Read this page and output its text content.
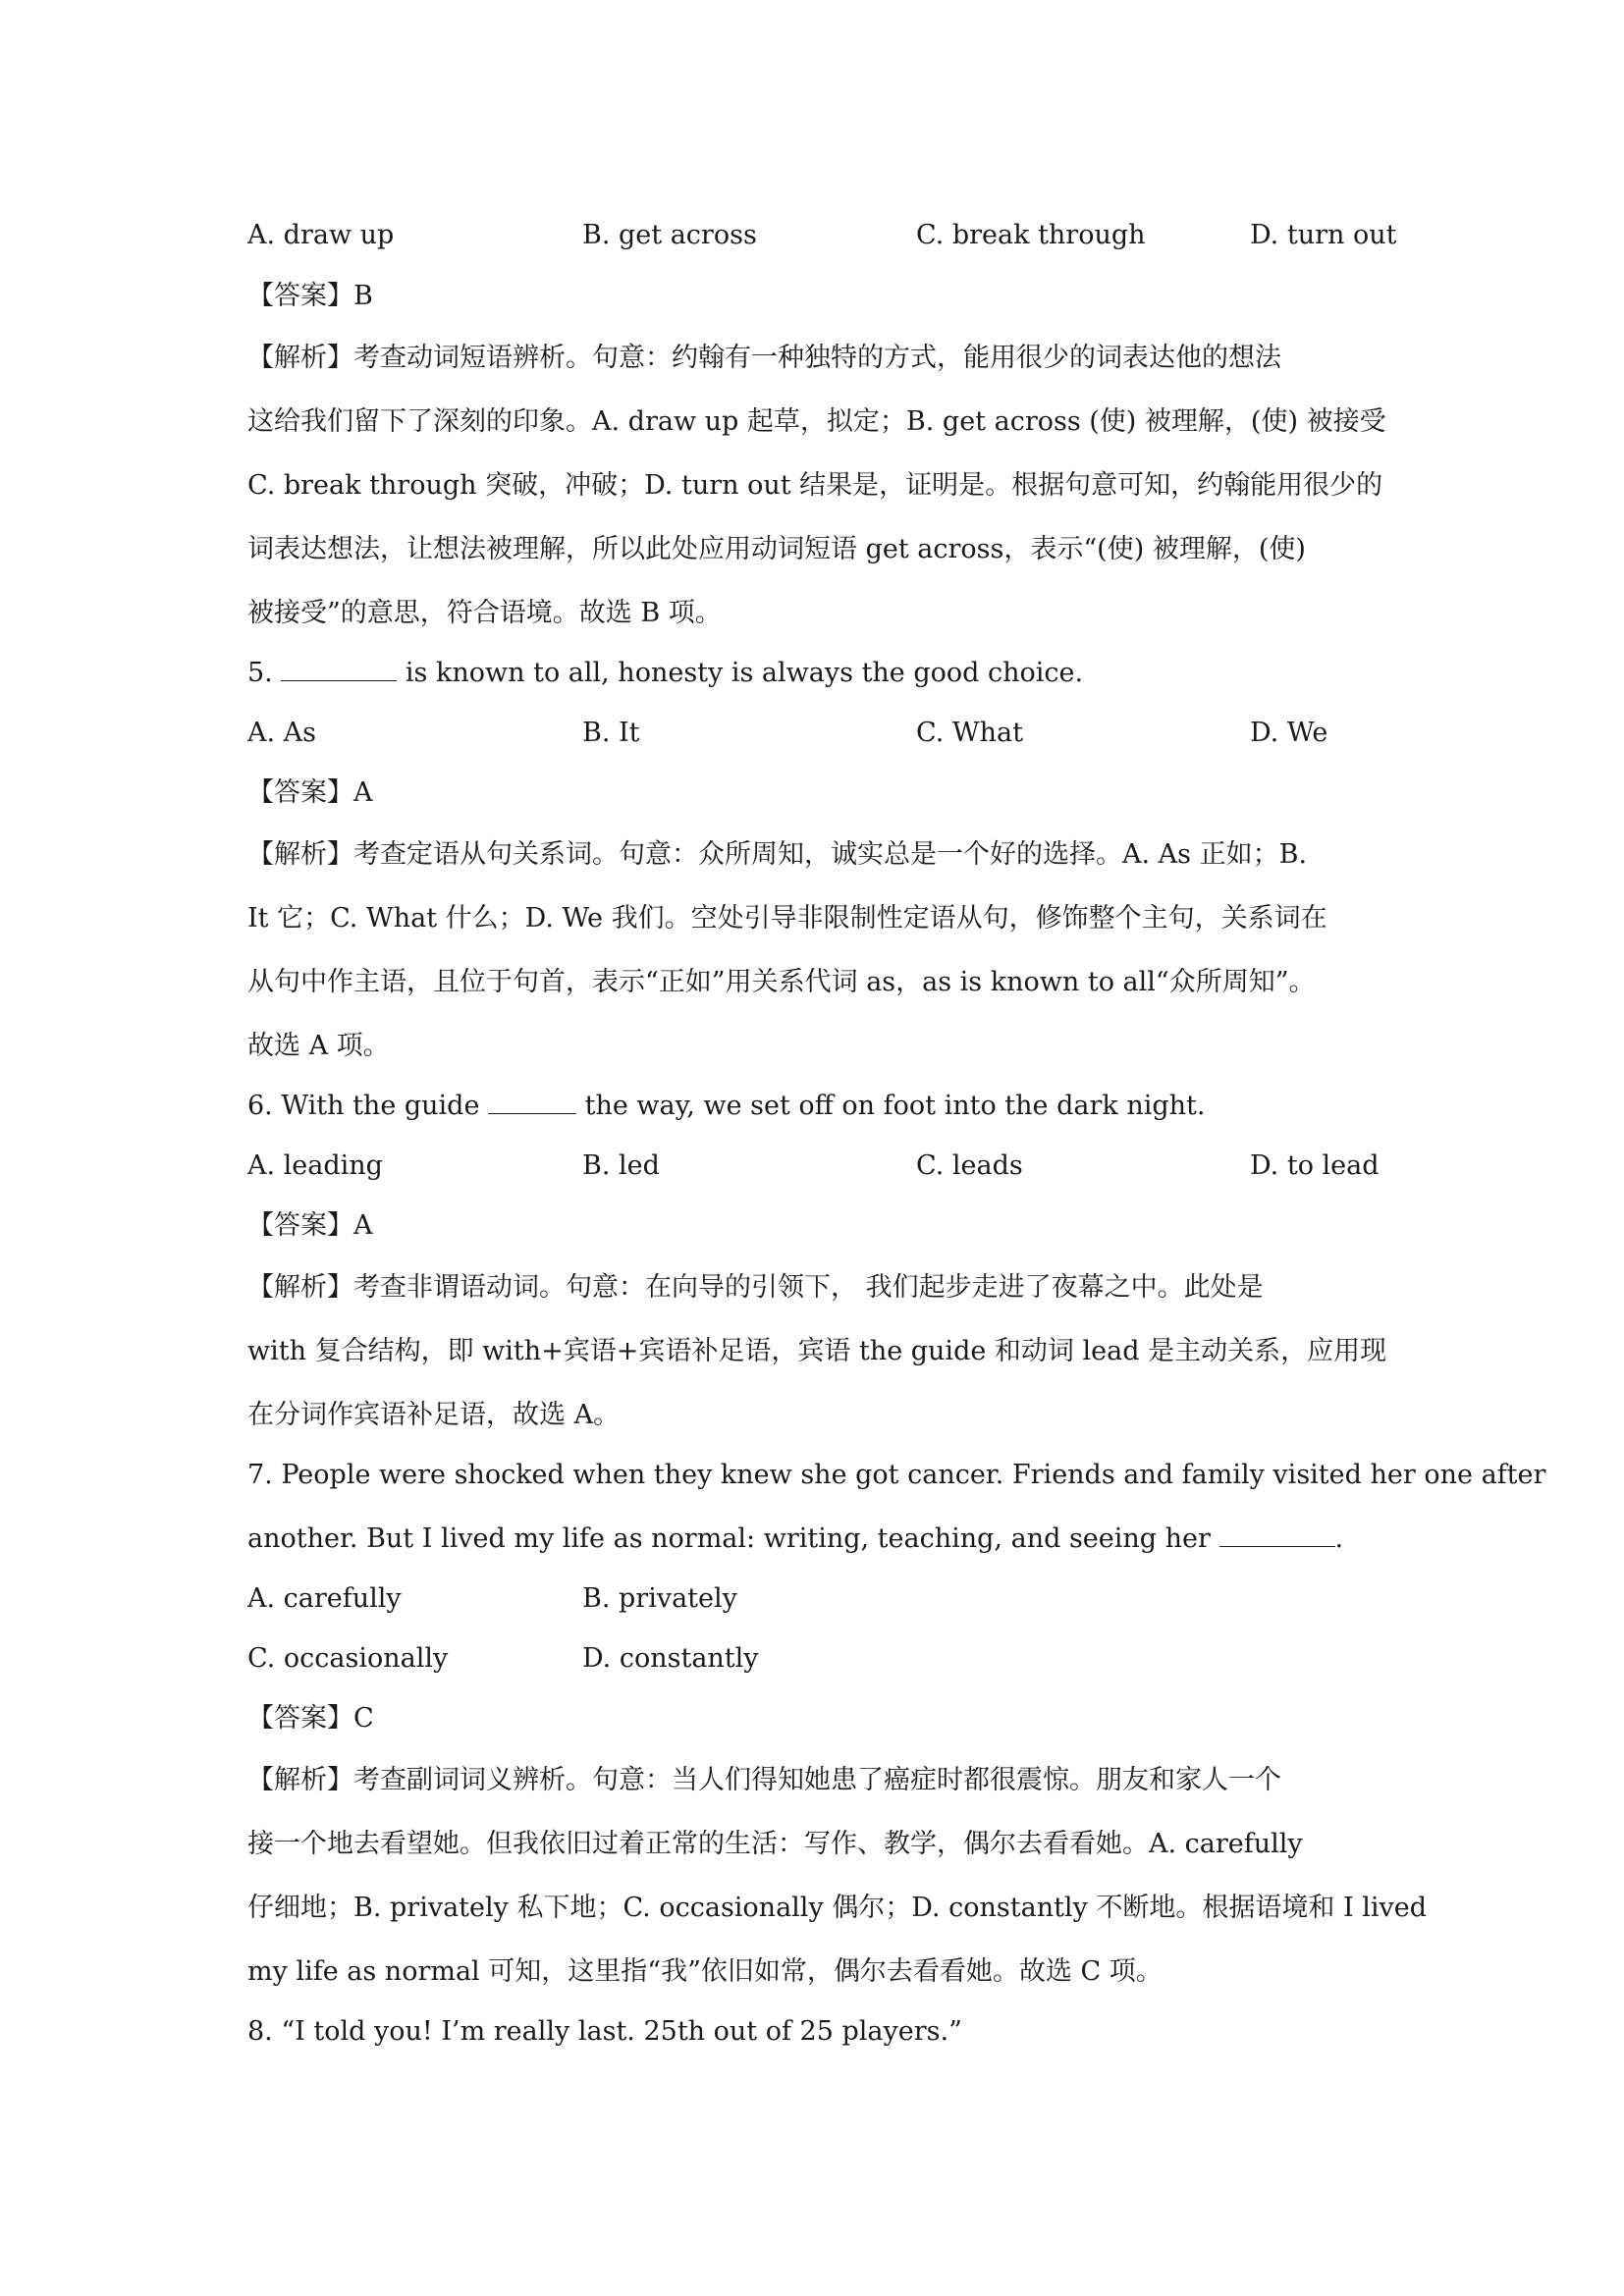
A. draw up	B. get across	C. break through	D. turn out
【答案】B
【解析】考查动词短语辨析。句意：约翰有一种独特的方式，能用很少的词表达他的想法
这给我们留下了深刻的印象。A. draw up 起草，拟定；B. get across (使) 被理解，(使) 被接受
C. break through 突破，冲破；D. turn out 结果是，证明是。根据句意可知，约翰能用很少的
词表达想法，让想法被理解，所以此处应用动词短语 get across，表示“(使) 被理解，(使)
被接受”的意思，符合语境。故选 B 项。
5.	is known to all, honesty is always the good choice.
A. As	B. It	C. What	D. We
【答案】A
【解析】考查定语从句关系词。句意：众所周知，诚实总是一个好的选择。A. As 正如；B.
It 它；C. What 什么；D. We 我们。空处引导非限制性定语从句，修饰整个主句，关系词在
从句中作主语，且位于句首，表示“正如”用关系代词 as，as is known to all“众所周知”。
故选 A 项。
6. With the guide	the way, we set off on foot into the dark night.
A. leading	B. led	C. leads	D. to lead
【答案】A
【解析】考查非谓语动词。句意：在向导的引领下， 我们起步走进了夜幕之中。此处是
with 复合结构，即 with+宾语+宾语补足语，宾语 the guide 和动词 lead 是主动关系，应用现
在分词作宾语补足语，故选 A。
7. People were shocked when they knew she got cancer. Friends and family visited her one after
another. But I lived my life as normal: writing, teaching, and seeing her	.
A. carefully	B. privately
C. occasionally	D. constantly
【答案】C
【解析】考查副词词义辨析。句意：当人们得知她患了癌症时都很震惊。朋友和家人一个
接一个地去看望她。但我依旧过着正常的生活：写作、教学，偶尔去看看她。A. carefully
仔细地；B. privately 私下地；C. occasionally 偶尔；D. constantly 不断地。根据语境和 I lived
my life as normal 可知，这里指“我”依旧如常，偶尔去看看她。故选 C 项。
8. “I told you! I’m really last. 25th out of 25 players.”
